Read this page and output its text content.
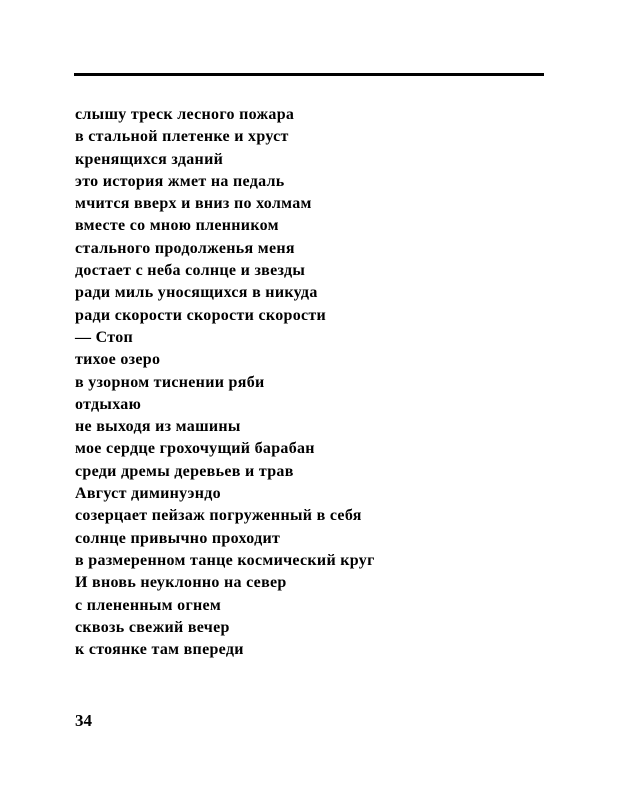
слышу треск лесного пожара
в стальной плетенке и хруст
кренящихся зданий
это история жмет на педаль
мчится вверх и вниз по холмам
вместе со мною пленником
стального продолженья меня
достает с неба солнце и звезды
ради миль уносящихся в никуда
ради скорости скорости скорости
— Стоп
тихое озеро
в узорном тиснении ряби
отдыхаю
не выходя из машины
мое сердце грохочущий барабан
среди дремы деревьев и трав
Август диминуэндо
созерцает пейзаж погруженный в себя
солнце привычно проходит
в размеренном танце космический круг
И вновь неуклонно на север
с плененным огнем
сквозь свежий вечер
к стоянке там впереди
34
